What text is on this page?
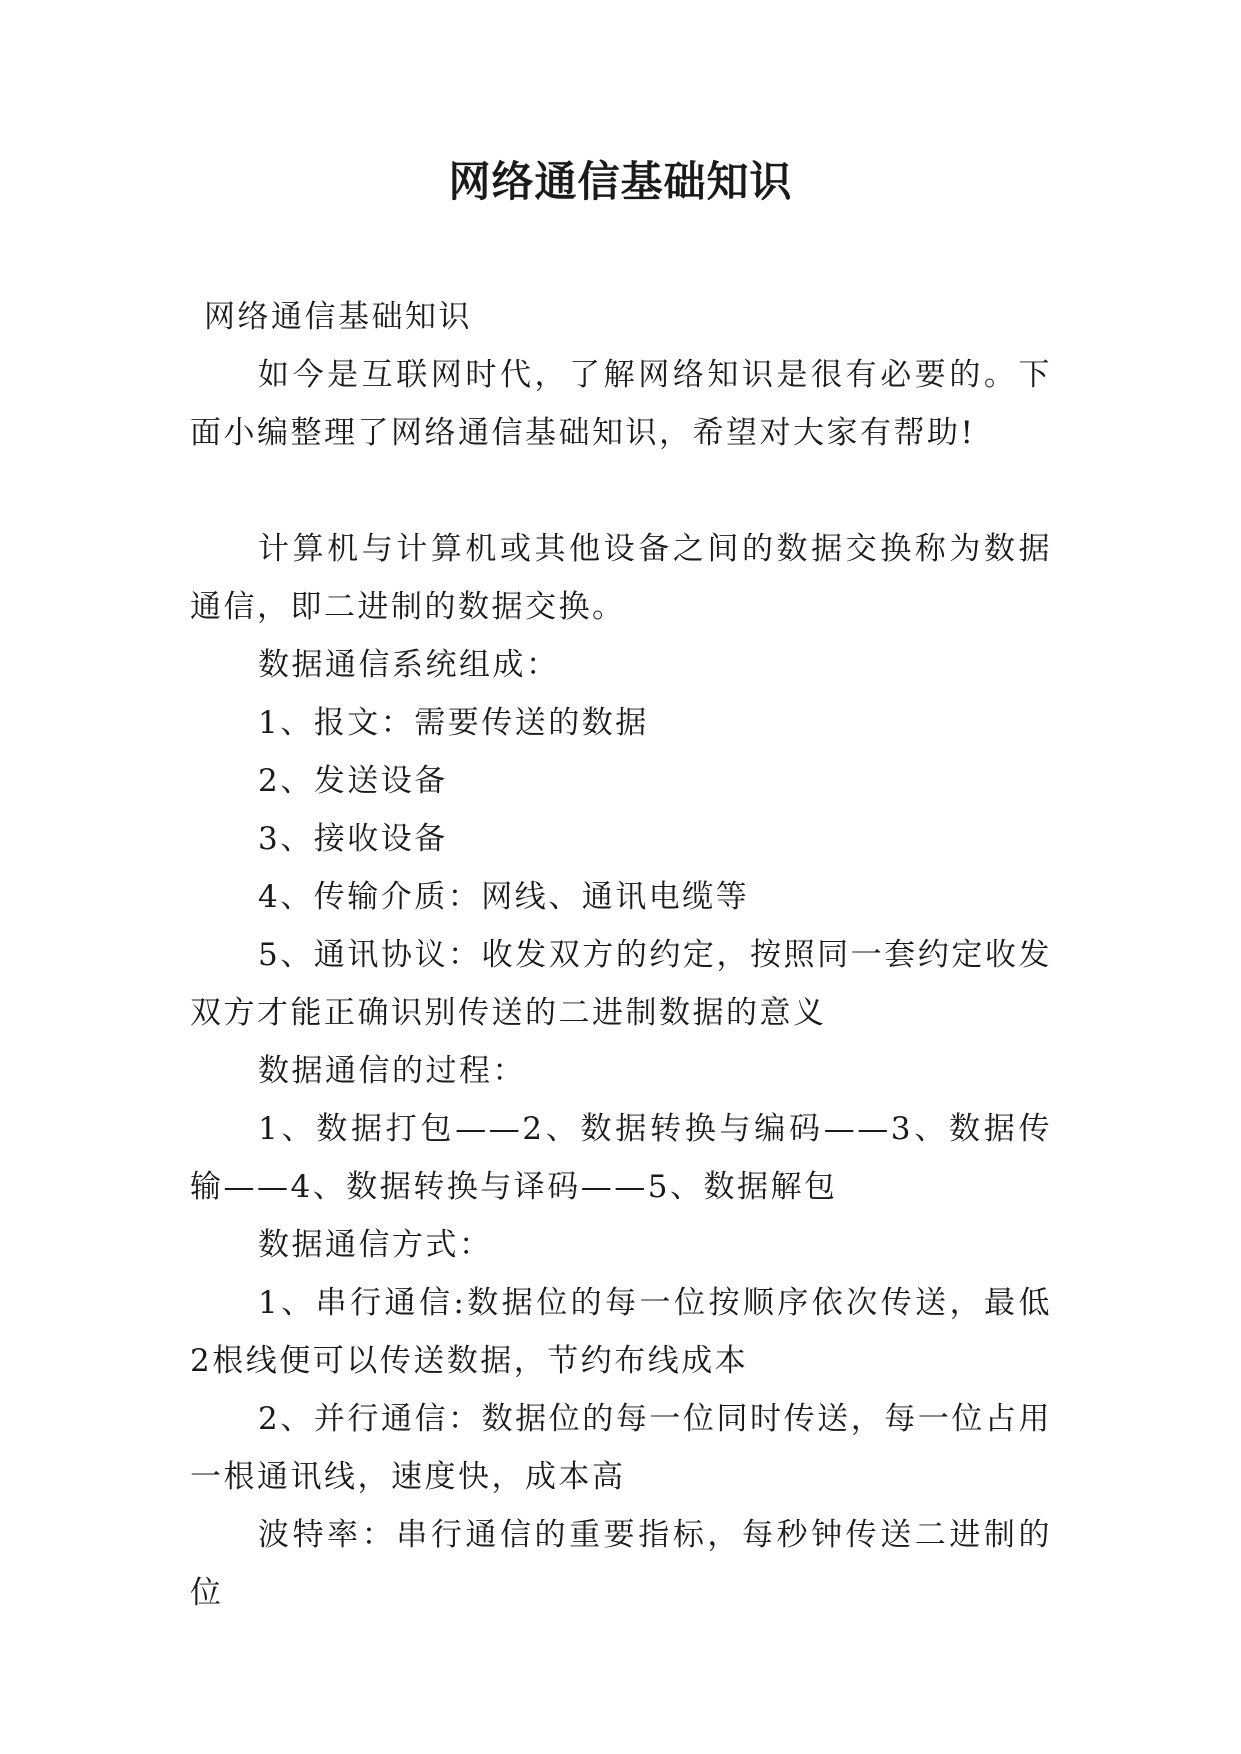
网络通信基础知识

网络通信基础知识

如今是互联网时代，了解网络知识是很有必要的。下面小编整理了网络通信基础知识，希望对大家有帮助!

计算机与计算机或其他设备之间的数据交换称为数据通信，即二进制的数据交换。

数据通信系统组成：

1、报文：需要传送的数据

2、发送设备

3、接收设备

4、传输介质：网线、通讯电缆等

5、通讯协议：收发双方的约定，按照同一套约定收发双方才能正确识别传送的二进制数据的意义

数据通信的过程：

1、数据打包——2、数据转换与编码——3、数据传输——4、数据转换与译码——5、数据解包

数据通信方式：

1、串行通信:数据位的每一位按顺序依次传送，最低2根线便可以传送数据，节约布线成本

2、并行通信：数据位的每一位同时传送，每一位占用一根通讯线，速度快，成本高

波特率：串行通信的重要指标，每秒钟传送二进制的位
